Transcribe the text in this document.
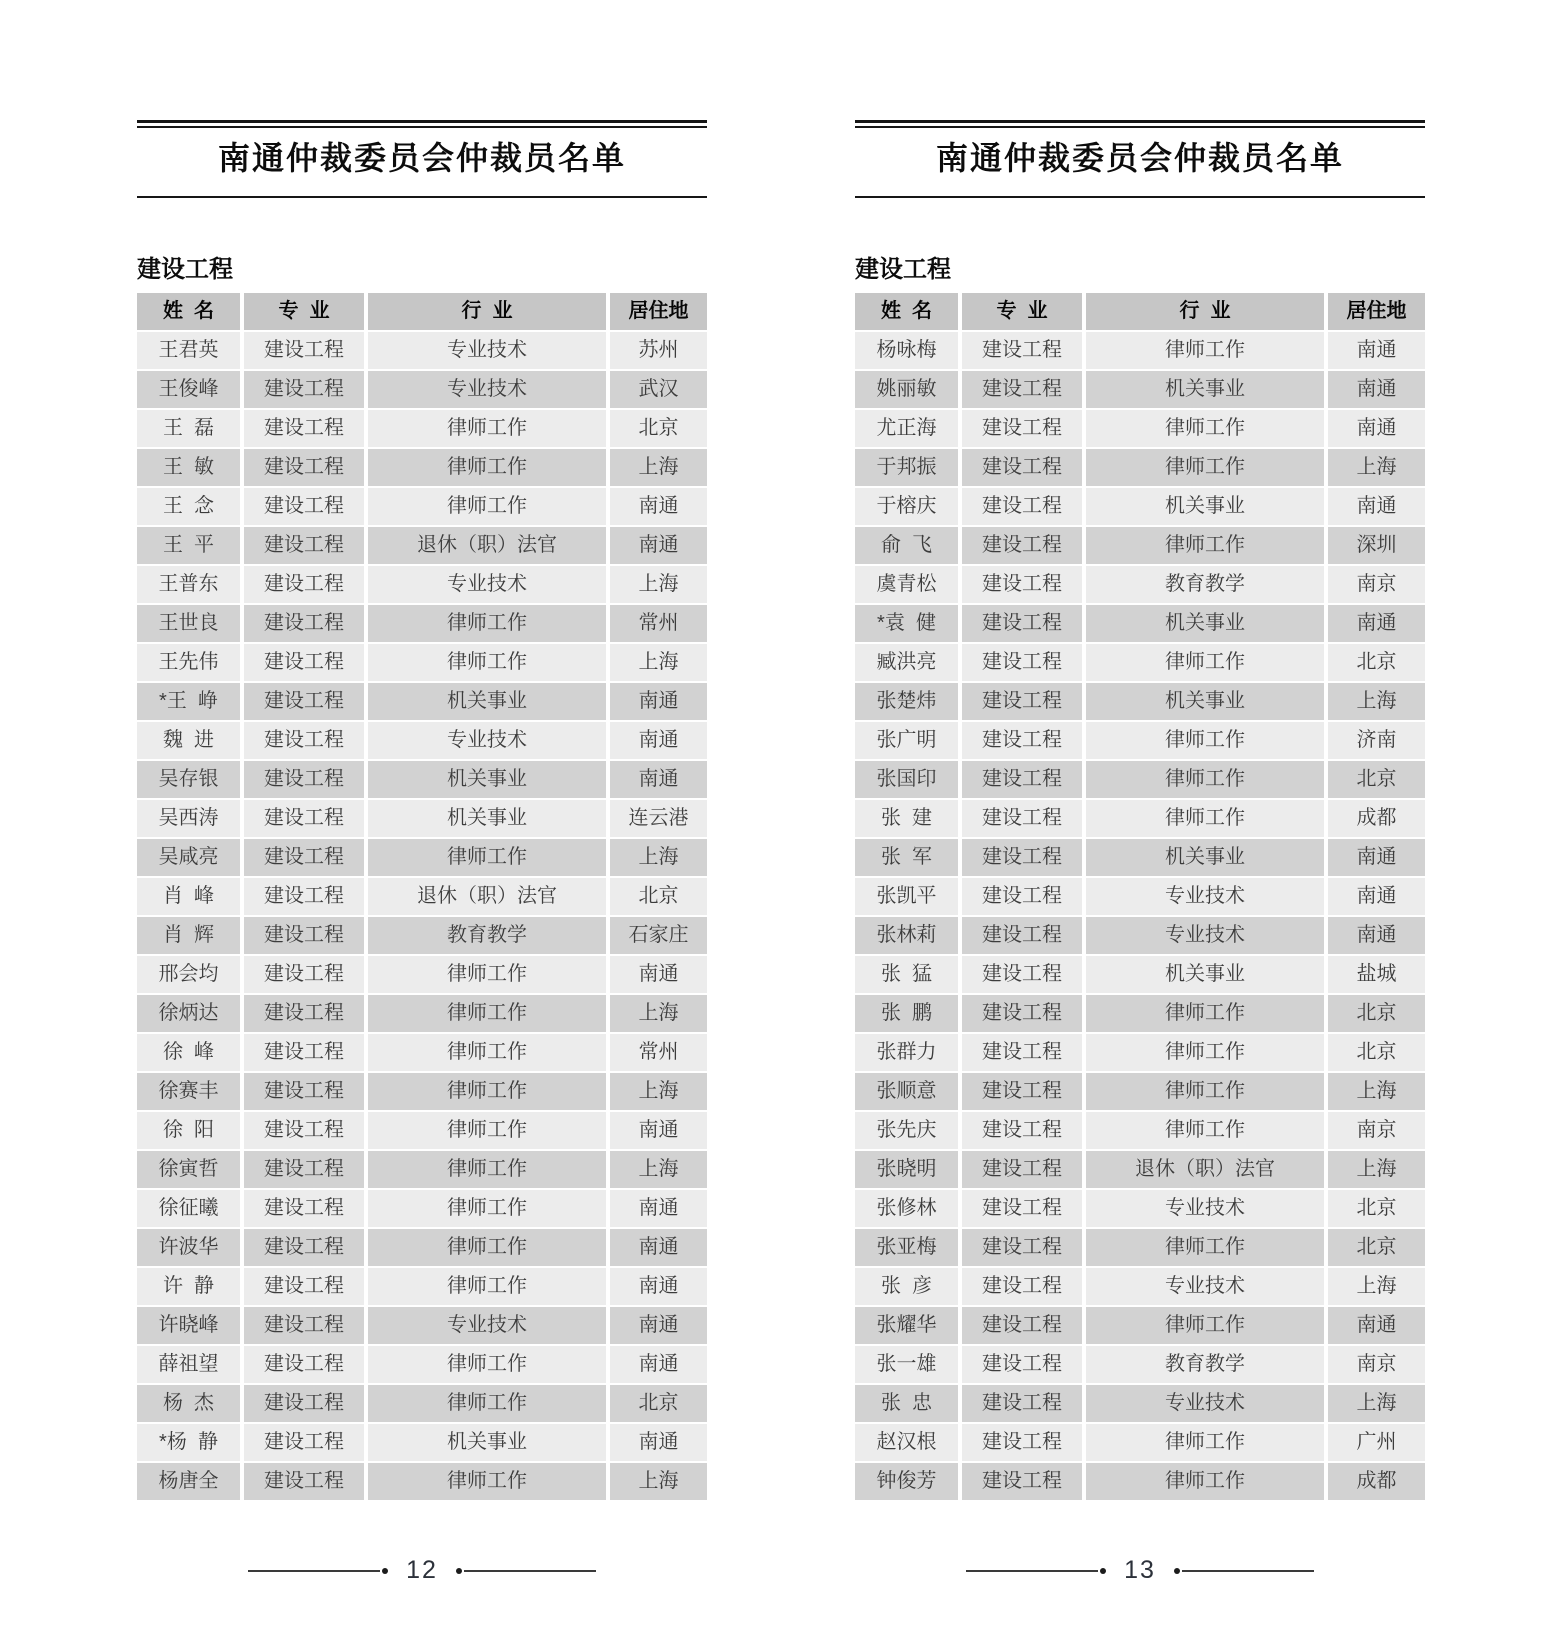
南通仲裁委员会仲裁员名单
建设工程
姓  名	专  业	行  业	居住地
王君英	建设工程	专业技术	苏州
王俊峰	建设工程	专业技术	武汉
王  磊	建设工程	律师工作	北京
王  敏	建设工程	律师工作	上海
王  念	建设工程	律师工作	南通
王  平	建设工程	退休（职）法官	南通
王普东	建设工程	专业技术	上海
王世良	建设工程	律师工作	常州
王先伟	建设工程	律师工作	上海
*王  峥	建设工程	机关事业	南通
魏  进	建设工程	专业技术	南通
吴存银	建设工程	机关事业	南通
吴西涛	建设工程	机关事业	连云港
吴咸亮	建设工程	律师工作	上海
肖  峰	建设工程	退休（职）法官	北京
肖  辉	建设工程	教育教学	石家庄
邢会均	建设工程	律师工作	南通
徐炳达	建设工程	律师工作	上海
徐  峰	建设工程	律师工作	常州
徐赛丰	建设工程	律师工作	上海
徐  阳	建设工程	律师工作	南通
徐寅哲	建设工程	律师工作	上海
徐征曦	建设工程	律师工作	南通
许波华	建设工程	律师工作	南通
许  静	建设工程	律师工作	南通
许晓峰	建设工程	专业技术	南通
薛祖望	建设工程	律师工作	南通
杨  杰	建设工程	律师工作	北京
*杨  静	建设工程	机关事业	南通
杨唐全	建设工程	律师工作	上海
12
南通仲裁委员会仲裁员名单
建设工程
姓  名	专  业	行  业	居住地
杨咏梅	建设工程	律师工作	南通
姚丽敏	建设工程	机关事业	南通
尤正海	建设工程	律师工作	南通
于邦振	建设工程	律师工作	上海
于榕庆	建设工程	机关事业	南通
俞  飞	建设工程	律师工作	深圳
虞青松	建设工程	教育教学	南京
*袁  健	建设工程	机关事业	南通
臧洪亮	建设工程	律师工作	北京
张楚炜	建设工程	机关事业	上海
张广明	建设工程	律师工作	济南
张国印	建设工程	律师工作	北京
张  建	建设工程	律师工作	成都
张  军	建设工程	机关事业	南通
张凯平	建设工程	专业技术	南通
张林莉	建设工程	专业技术	南通
张  猛	建设工程	机关事业	盐城
张  鹏	建设工程	律师工作	北京
张群力	建设工程	律师工作	北京
张顺意	建设工程	律师工作	上海
张先庆	建设工程	律师工作	南京
张晓明	建设工程	退休（职）法官	上海
张修林	建设工程	专业技术	北京
张亚梅	建设工程	律师工作	北京
张  彦	建设工程	专业技术	上海
张耀华	建设工程	律师工作	南通
张一雄	建设工程	教育教学	南京
张  忠	建设工程	专业技术	上海
赵汉根	建设工程	律师工作	广州
钟俊芳	建设工程	律师工作	成都
13
